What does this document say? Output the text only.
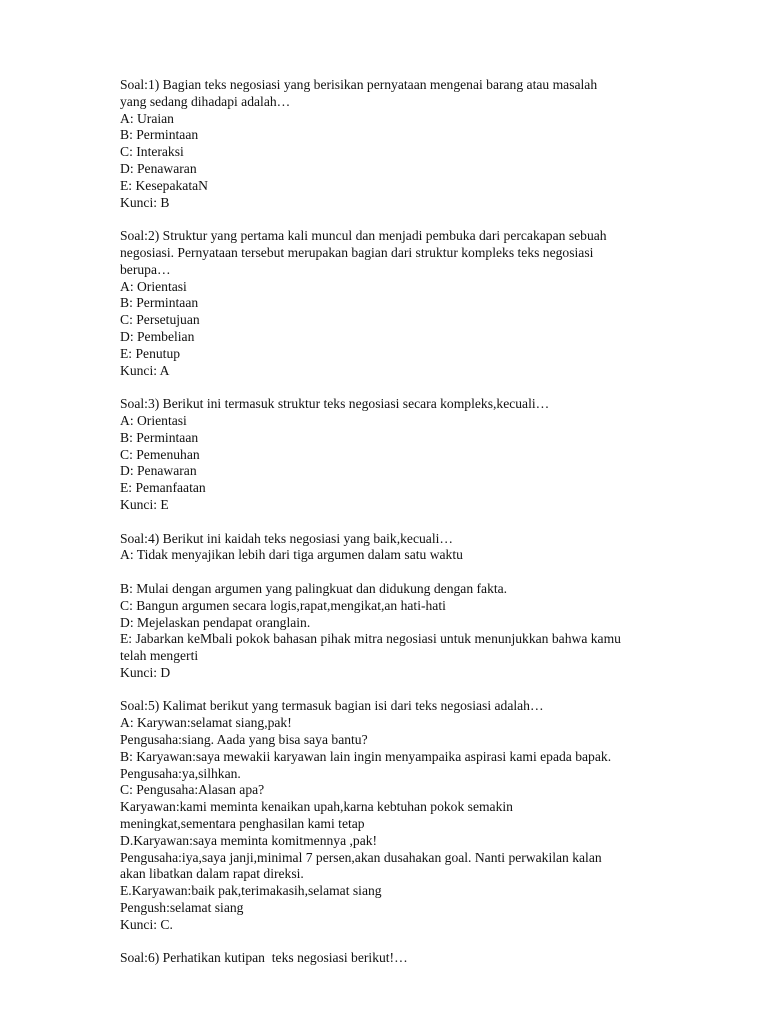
Soal:1) Bagian teks negosiasi yang berisikan pernyataan mengenai barang atau masalah
yang sedang dihadapi adalah…
A: Uraian
B: Permintaan
C: Interaksi
D: Penawaran
E: KesepakataN
Kunci: B
Soal:2) Struktur yang pertama kali muncul dan menjadi pembuka dari percakapan sebuah
negosiasi. Pernyataan tersebut merupakan bagian dari struktur kompleks teks negosiasi
berupa…
A: Orientasi
B: Permintaan
C: Persetujuan
D: Pembelian
E: Penutup
Kunci: A
Soal:3) Berikut ini termasuk struktur teks negosiasi secara kompleks,kecuali…
A: Orientasi
B: Permintaan
C: Pemenuhan
D: Penawaran
E: Pemanfaatan
Kunci: E
Soal:4) Berikut ini kaidah teks negosiasi yang baik,kecuali…
A: Tidak menyajikan lebih dari tiga argumen dalam satu waktu
B: Mulai dengan argumen yang palingkuat dan didukung dengan fakta.
C: Bangun argumen secara logis,rapat,mengikat,an hati-hati
D: Mejelaskan pendapat oranglain.
E: Jabarkan keMbali pokok bahasan pihak mitra negosiasi untuk menunjukkan bahwa kamu
telah mengerti
Kunci: D
Soal:5) Kalimat berikut yang termasuk bagian isi dari teks negosiasi adalah…
A: Karywan:selamat siang,pak!
Pengusaha:siang. Aada yang bisa saya bantu?
B: Karyawan:saya mewakii karyawan lain ingin menyampaika aspirasi kami epada bapak.
Pengusaha:ya,silhkan.
C: Pengusaha:Alasan apa?
Karyawan:kami meminta kenaikan upah,karna kebtuhan pokok semakin
meningkat,sementara penghasilan kami tetap
D.Karyawan:saya meminta komitmennya ,pak!
Pengusaha:iya,saya janji,minimal 7 persen,akan dusahakan goal. Nanti perwakilan kalan
akan libatkan dalam rapat direksi.
E.Karyawan:baik pak,terimakasih,selamat siang
Pengush:selamat siang
Kunci: C.
Soal:6) Perhatikan kutipan  teks negosiasi berikut!…
